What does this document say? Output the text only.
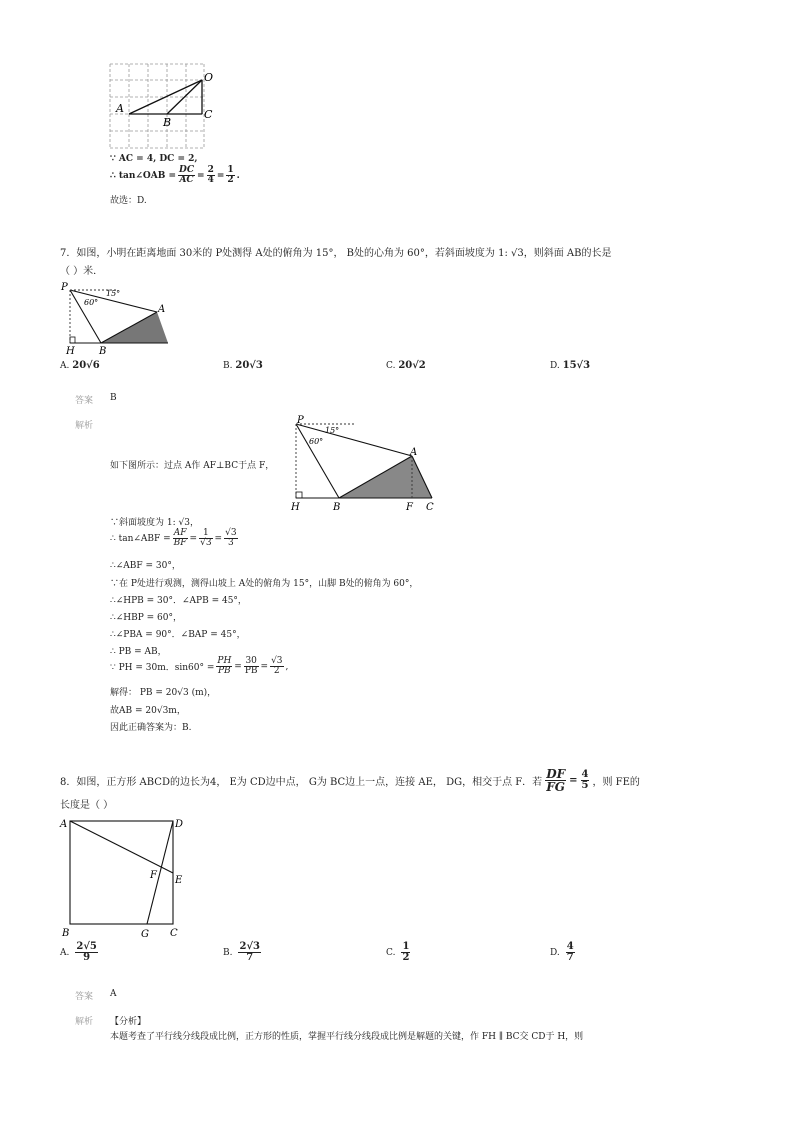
O
A
B
C
∵ AC = 4, DC = 2,
∴ tan∠OAB = $\frac{DC}{AC} = \frac{2}{4} = \frac{1}{2}$ .
故选：D.
7．如图，小明在距离地面 30米的 P处测得 A处的俯角为 15°， B处的心角为 60°，若斜面坡度为 1: √3，则斜面 AB的长是
（ ）米．
P
A
H B
15°
60°
A. 20√6	B. 20√3	C. 20√2	D. 15√3
答案 B
解析	P
A
H	B	F C
15°
60°
如下图所示：过点 A作 AF⊥BC于点 F，
∵斜面坡度为 1: √3，
∴ tan∠ABF = $\frac{AF}{BF} = \frac{1}{√3} = \frac{√3}{3}$
∴∠ABF = 30°，
∵在 P处进行观测，测得山坡上 A处的俯角为 15°，山脚 B处的俯角为 60°，
∴∠HPB = 30°．∠APB = 45°，
∴∠HBP = 60°，
∴∠PBA = 90°．∠BAP = 45°，
∴ PB = AB，
∵ PH = 30m．$\sin 60^\circ = \frac{PH}{PB} = \frac{30}{PB} = \frac{√3}{2}$ ,
解得： PB = 20√3 (m)，
故AB = 20√3m，
因此正确答案为：B.
8．如图，正方形 ABCD的边长为4， E为 CD边中点， G为 BC边上一点，连接 AE， DG，相交于点 F．若 $\frac{DF}{FG} = \frac{4}{5}$ ，则 FE的
长度是（ ）
A	D
F E
B	G C
A. $\frac{2√5}{9}$	B. $\frac{2√3}{7}$	C. $\frac{1}{2}$	D. $\frac{4}{7}$
答案 A
解析 【分析】
本题考查了平行线分线段成比例，正方形的性质，掌握平行线分线段成比例是解题的关键，作 FH ∥ BC交 CD于 H，则
